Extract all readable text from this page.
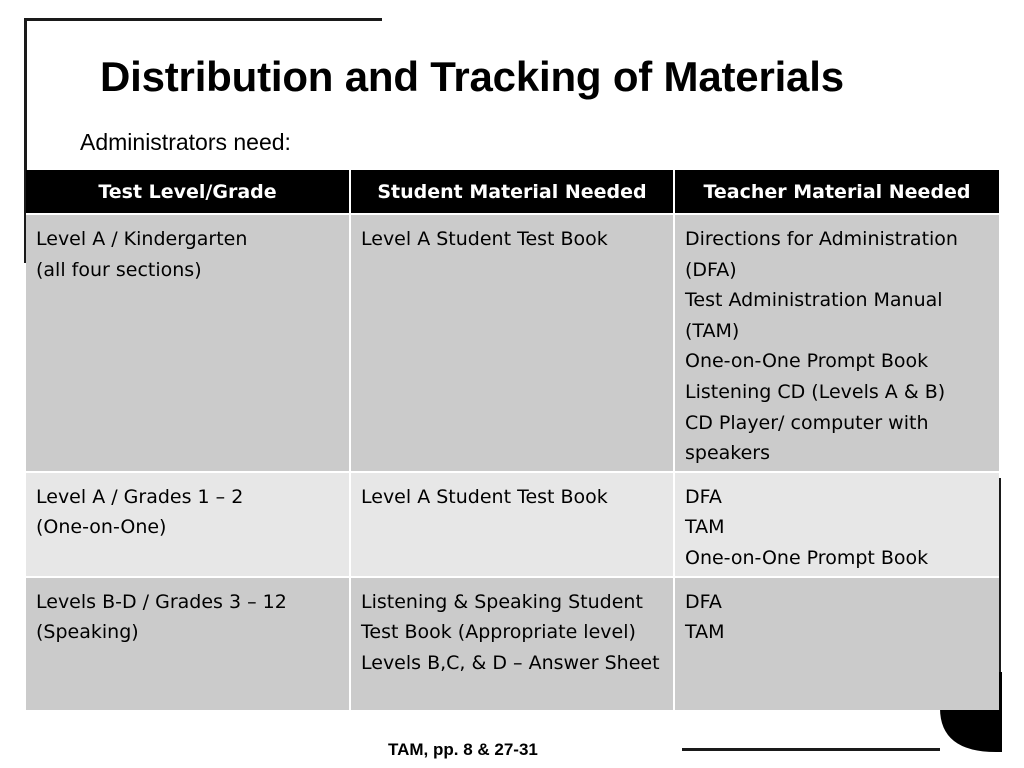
Distribution and Tracking of Materials

Administrators need:

Test Level/Grade	Student Material Needed	Teacher Material Needed

Level A / Kindergarten
(all four sections)	Level A Student Test Book	Directions for Administration (DFA)
Test Administration Manual (TAM)
One-on-One Prompt Book
Listening CD (Levels A & B)
CD Player/ computer with speakers

Level A / Grades 1 – 2
(One-on-One)	Level A Student Test Book	DFA
TAM
One-on-One Prompt Book

Levels B-D / Grades 3 – 12
(Speaking)	Listening & Speaking Student Test Book (Appropriate level)
Levels B,C, & D – Answer Sheet	DFA
TAM
TAM, pp. 8 & 27-31
